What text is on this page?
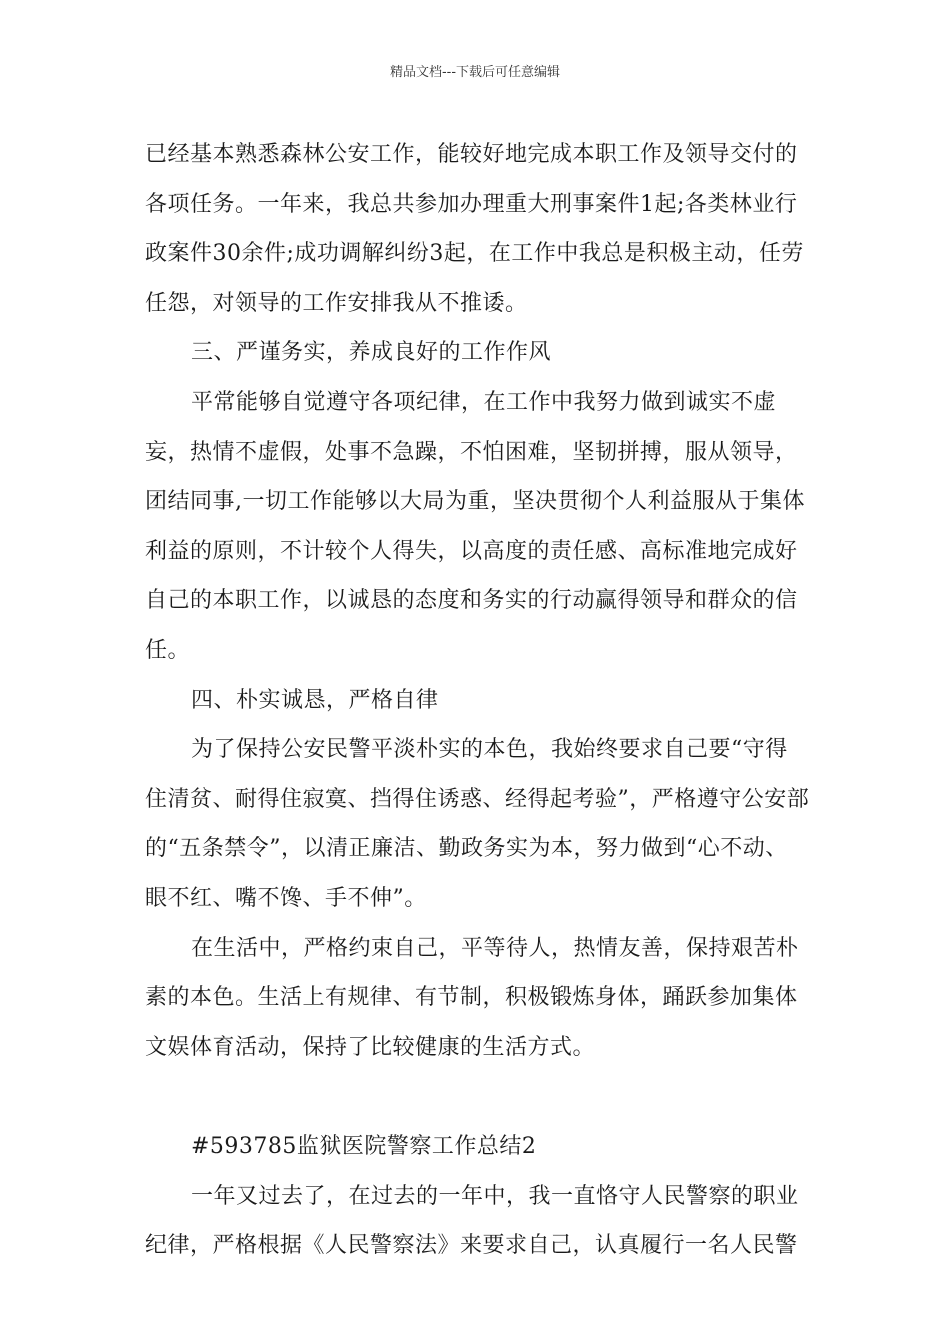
精品文档---下载后可任意编辑

已经基本熟悉森林公安工作，能较好地完成本职工作及领导交付的各项任务。一年来，我总共参加办理重大刑事案件1起;各类林业行政案件30余件;成功调解纠纷3起，在工作中我总是积极主动，任劳任怨，对领导的工作安排我从不推诿。

三、严谨务实，养成良好的工作作风

平常能够自觉遵守各项纪律，在工作中我努力做到诚实不虚妄，热情不虚假，处事不急躁，不怕困难，坚韧拼搏，服从领导，团结同事,一切工作能够以大局为重，坚决贯彻个人利益服从于集体利益的原则，不计较个人得失，以高度的责任感、高标准地完成好自己的本职工作，以诚恳的态度和务实的行动赢得领导和群众的信任。

四、朴实诚恳，严格自律

为了保持公安民警平淡朴实的本色，我始终要求自己要“守得住清贫、耐得住寂寞、挡得住诱惑、经得起考验”，严格遵守公安部的“五条禁令”，以清正廉洁、勤政务实为本，努力做到“心不动、眼不红、嘴不馋、手不伸”。

在生活中，严格约束自己，平等待人，热情友善，保持艰苦朴素的本色。生活上有规律、有节制，积极锻炼身体，踊跃参加集体文娱体育活动，保持了比较健康的生活方式。

#593785监狱医院警察工作总结2

一年又过去了，在过去的一年中，我一直恪守人民警察的职业纪律，严格根据《人民警察法》来要求自己，认真履行一名人民警
